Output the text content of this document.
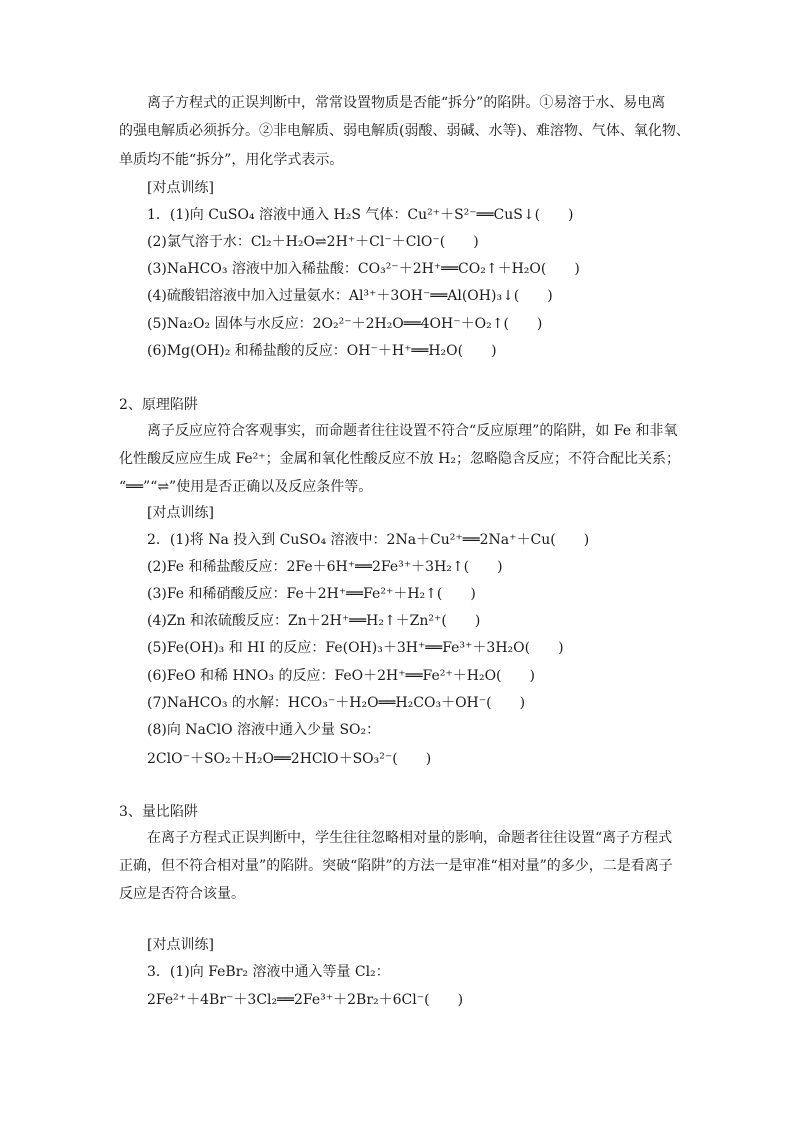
离子方程式的正误判断中，常常设置物质是否能“拆分”的陷阱。①易溶于水、易电离
的强电解质必须拆分。②非电解质、弱电解质(弱酸、弱碱、水等)、难溶物、气体、氧化物、
单质均不能“拆分”，用化学式表示。
[对点训练]
1．(1)向 CuSO₄ 溶液中通入 H₂S 气体：Cu²⁺＋S²⁻══CuS↓(　　)
(2)氯气溶于水：Cl₂＋H₂O⇌2H⁺＋Cl⁻＋ClO⁻(　　)
(3)NaHCO₃ 溶液中加入稀盐酸：CO₃²⁻＋2H⁺══CO₂↑＋H₂O(　　)
(4)硫酸铝溶液中加入过量氨水：Al³⁺＋3OH⁻══Al(OH)₃↓(　　)
(5)Na₂O₂ 固体与水反应：2O₂²⁻＋2H₂O══4OH⁻＋O₂↑(　　)
(6)Mg(OH)₂ 和稀盐酸的反应：OH⁻＋H⁺══H₂O(　　)
2、原理陷阱
离子反应应符合客观事实，而命题者往往设置不符合“反应原理”的陷阱，如 Fe 和非氧
化性酸反应应生成 Fe²⁺；金属和氧化性酸反应不放 H₂；忽略隐含反应；不符合配比关系；
“══”“⇌”使用是否正确以及反应条件等。
[对点训练]
2．(1)将 Na 投入到 CuSO₄ 溶液中：2Na＋Cu²⁺══2Na⁺＋Cu(　　)
(2)Fe 和稀盐酸反应：2Fe＋6H⁺══2Fe³⁺＋3H₂↑(　　)
(3)Fe 和稀硝酸反应：Fe＋2H⁺══Fe²⁺＋H₂↑(　　)
(4)Zn 和浓硫酸反应：Zn＋2H⁺══H₂↑＋Zn²⁺(　　)
(5)Fe(OH)₃ 和 HI 的反应：Fe(OH)₃＋3H⁺══Fe³⁺＋3H₂O(　　)
(6)FeO 和稀 HNO₃ 的反应：FeO＋2H⁺══Fe²⁺＋H₂O(　　)
(7)NaHCO₃ 的水解：HCO₃⁻＋H₂O══H₂CO₃＋OH⁻(　　)
(8)向 NaClO 溶液中通入少量 SO₂：
2ClO⁻＋SO₂＋H₂O══2HClO＋SO₃²⁻(　　)
3、量比陷阱
在离子方程式正误判断中，学生往往忽略相对量的影响，命题者往往设置“离子方程式
正确，但不符合相对量”的陷阱。突破“陷阱”的方法一是审准“相对量”的多少，二是看离子
反应是否符合该量。
[对点训练]
3．(1)向 FeBr₂ 溶液中通入等量 Cl₂：
2Fe²⁺＋4Br⁻＋3Cl₂══2Fe³⁺＋2Br₂＋6Cl⁻(　　)
